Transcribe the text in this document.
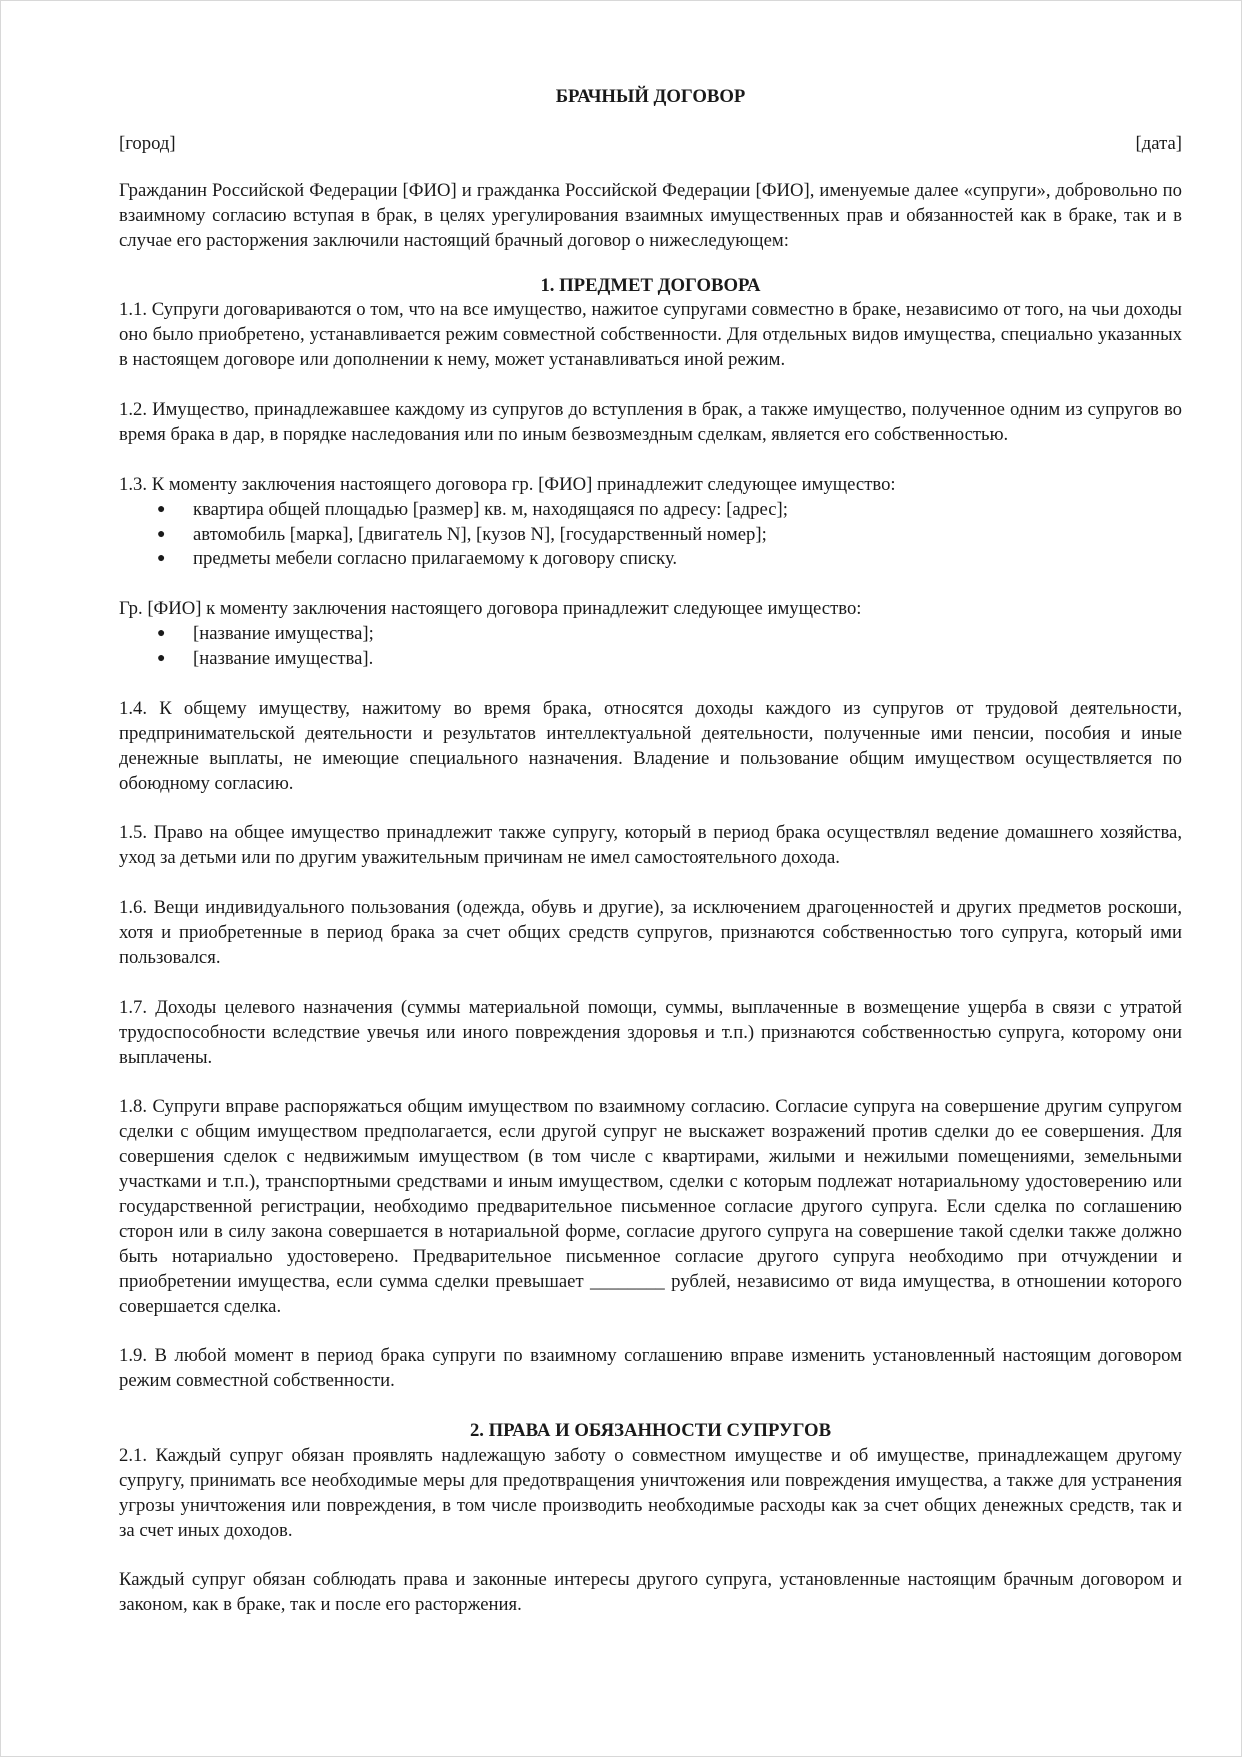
БРАЧНЫЙ ДОГОВОР
[город]	[дата]

Гражданин Российской Федерации [ФИО] и гражданка Российской Федерации [ФИО], именуемые далее «супруги», добровольно по взаимному согласию вступая в брак, в целях урегулирования взаимных имущественных прав и обязанностей как в браке, так и в случае его расторжения заключили настоящий брачный договор о нижеследующем:

1. ПРЕДМЕТ ДОГОВОРА

1.1. Супруги договариваются о том, что на все имущество, нажитое супругами совместно в браке, независимо от того, на чьи доходы оно было приобретено, устанавливается режим совместной собственности. Для отдельных видов имущества, специально указанных в настоящем договоре или дополнении к нему, может устанавливаться иной режим.

1.2. Имущество, принадлежавшее каждому из супругов до вступления в брак, а также имущество, полученное одним из супругов во время брака в дар, в порядке наследования или по иным безвозмездным сделкам, является его собственностью.

1.3. К моменту заключения настоящего договора гр. [ФИО] принадлежит следующее имущество:

● квартира общей площадью [размер] кв. м, находящаяся по адресу: [адрес];
● автомобиль [марка], [двигатель N], [кузов N], [государственный номер];
● предметы мебели согласно прилагаемому к договору списку.

Гр. [ФИО] к моменту заключения настоящего договора принадлежит следующее имущество:

● [название имущества];
● [название имущества].

1.4. К общему имуществу, нажитому во время брака, относятся доходы каждого из супругов от трудовой деятельности, предпринимательской деятельности и результатов интеллектуальной деятельности, полученные ими пенсии, пособия и иные денежные выплаты, не имеющие специального назначения. Владение и пользование общим имуществом осуществляется по обоюдному согласию.

1.5. Право на общее имущество принадлежит также супругу, который в период брака осуществлял ведение домашнего хозяйства, уход за детьми или по другим уважительным причинам не имел самостоятельного дохода.

1.6. Вещи индивидуального пользования (одежда, обувь и другие), за исключением драгоценностей и других предметов роскоши, хотя и приобретенные в период брака за счет общих средств супругов, признаются собственностью того супруга, который ими пользовался.

1.7. Доходы целевого назначения (суммы материальной помощи, суммы, выплаченные в возмещение ущерба в связи с утратой трудоспособности вследствие увечья или иного повреждения здоровья и т.п.) признаются собственностью супруга, которому они выплачены.

1.8. Супруги вправе распоряжаться общим имуществом по взаимному согласию. Согласие супруга на совершение другим супругом сделки с общим имуществом предполагается, если другой супруг не выскажет возражений против сделки до ее совершения. Для совершения сделок с недвижимым имуществом (в том числе с квартирами, жилыми и нежилыми помещениями, земельными участками и т.п.), транспортными средствами и иным имуществом, сделки с которым подлежат нотариальному удостоверению или государственной регистрации, необходимо предварительное письменное согласие другого супруга. Если сделка по соглашению сторон или в силу закона совершается в нотариальной форме, согласие другого супруга на совершение такой сделки также должно быть нотариально удостоверено. Предварительное письменное согласие другого супруга необходимо при отчуждении и приобретении имущества, если сумма сделки превышает ________ рублей, независимо от вида имущества, в отношении которого совершается сделка.

1.9. В любой момент в период брака супруги по взаимному соглашению вправе изменить установленный настоящим договором режим совместной собственности.

2. ПРАВА И ОБЯЗАННОСТИ СУПРУГОВ

2.1. Каждый супруг обязан проявлять надлежащую заботу о совместном имуществе и об имуществе, принадлежащем другому супругу, принимать все необходимые меры для предотвращения уничтожения или повреждения имущества, а также для устранения угрозы уничтожения или повреждения, в том числе производить необходимые расходы как за счет общих денежных средств, так и за счет иных доходов.

Каждый супруг обязан соблюдать права и законные интересы другого супруга, установленные настоящим брачным договором и законом, как в браке, так и после его расторжения.
